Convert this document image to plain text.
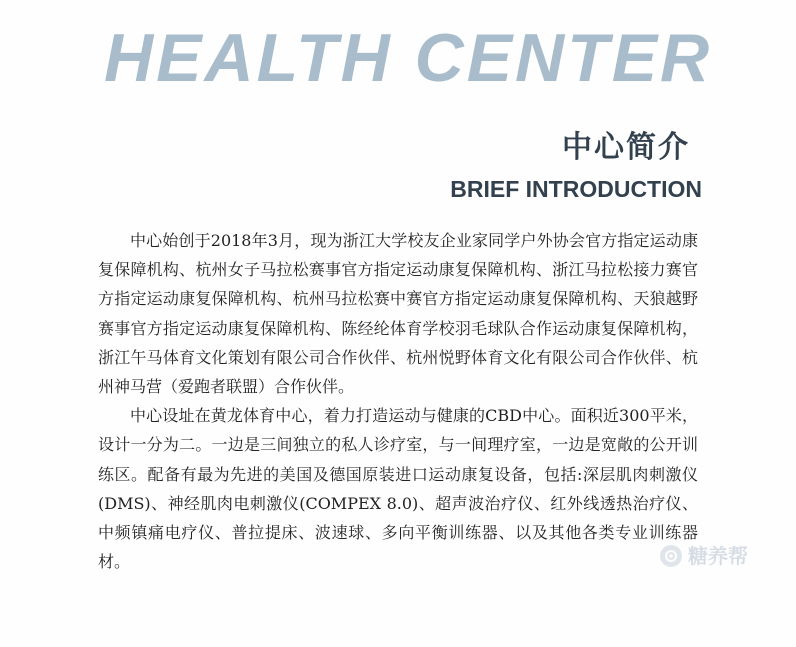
HEALTH CENTER
中心简介
BRIEF INTRODUCTION

中心始创于2018年3月，现为浙江大学校友企业家同学户外协会官方指定运动康复保障机构、杭州女子马拉松赛事官方指定运动康复保障机构、浙江马拉松接力赛官方指定运动康复保障机构、杭州马拉松赛中赛官方指定运动康复保障机构、天狼越野赛事官方指定运动康复保障机构、陈经纶体育学校羽毛球队合作运动康复保障机构，浙江午马体育文化策划有限公司合作伙伴、杭州悦野体育文化有限公司合作伙伴、杭州神马营（爱跑者联盟）合作伙伴。

中心设址在黄龙体育中心，着力打造运动与健康的CBD中心。面积近300平米，设计一分为二。一边是三间独立的私人诊疗室，与一间理疗室，一边是宽敞的公开训练区。配备有最为先进的美国及德国原装进口运动康复设备，包括:深层肌肉刺激仪(DMS)、神经肌肉电刺激仪(COMPEX 8.0)、超声波治疗仪、红外线透热治疗仪、中频镇痛电疗仪、普拉提床、波速球、多向平衡训练器、以及其他各类专业训练器材。	糖养帮
